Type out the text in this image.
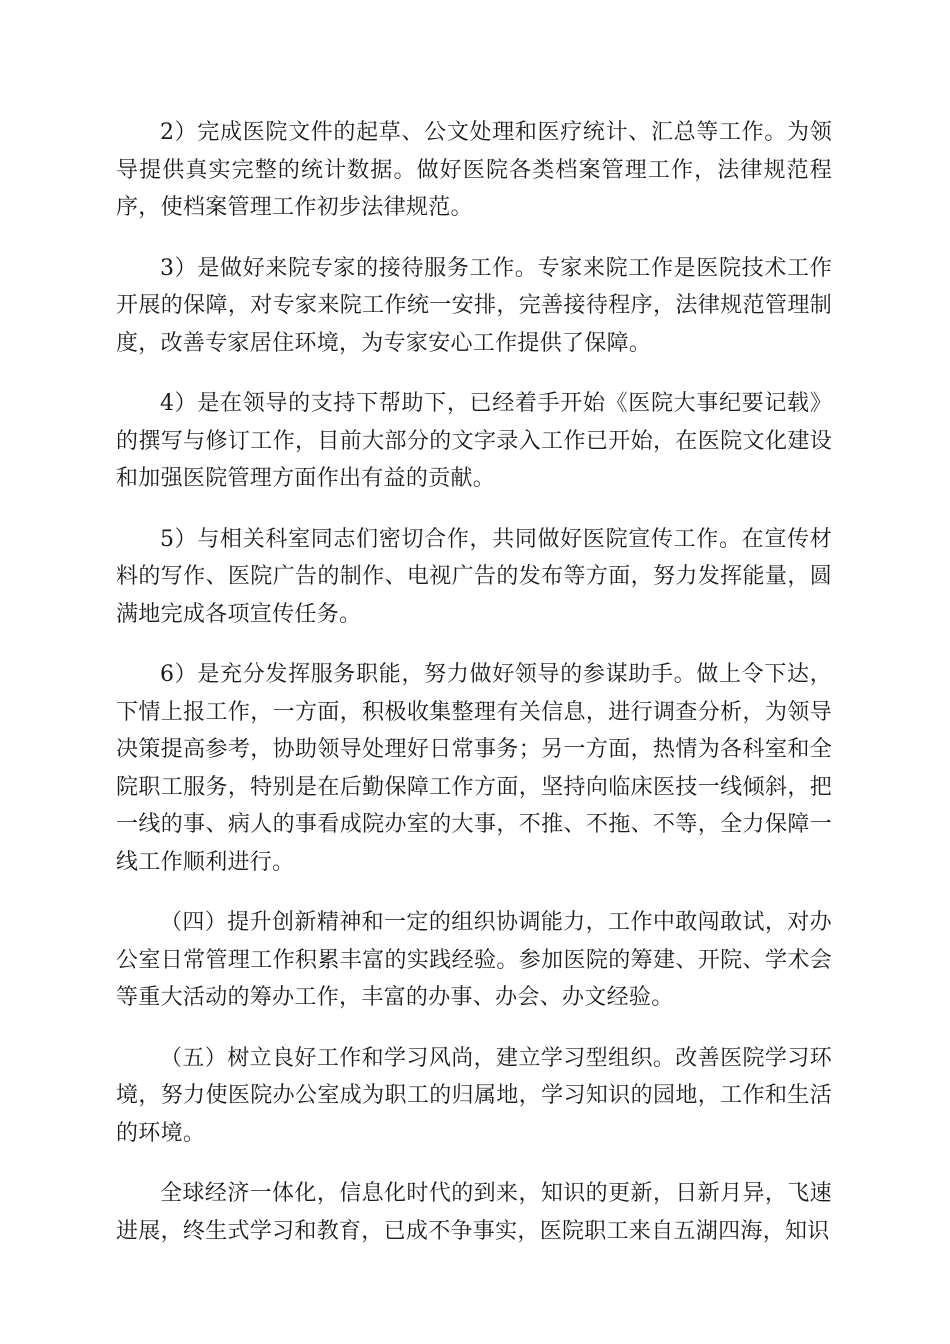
2）完成医院文件的起草、公文处理和医疗统计、汇总等工作。为领导提供真实完整的统计数据。做好医院各类档案管理工作，法律规范程序，使档案管理工作初步法律规范。

3）是做好来院专家的接待服务工作。专家来院工作是医院技术工作开展的保障，对专家来院工作统一安排，完善接待程序，法律规范管理制度，改善专家居住环境，为专家安心工作提供了保障。

4）是在领导的支持下帮助下，已经着手开始《医院大事纪要记载》的撰写与修订工作，目前大部分的文字录入工作已开始，在医院文化建设和加强医院管理方面作出有益的贡献。

5）与相关科室同志们密切合作，共同做好医院宣传工作。在宣传材料的写作、医院广告的制作、电视广告的发布等方面，努力发挥能量，圆满地完成各项宣传任务。

6）是充分发挥服务职能，努力做好领导的参谋助手。做上令下达，下情上报工作，一方面，积极收集整理有关信息，进行调查分析，为领导决策提高参考，协助领导处理好日常事务；另一方面，热情为各科室和全院职工服务，特别是在后勤保障工作方面，坚持向临床医技一线倾斜，把一线的事、病人的事看成院办室的大事，不推、不拖、不等，全力保障一线工作顺利进行。

（四）提升创新精神和一定的组织协调能力，工作中敢闯敢试，对办公室日常管理工作积累丰富的实践经验。参加医院的筹建、开院、学术会等重大活动的筹办工作，丰富的办事、办会、办文经验。

（五）树立良好工作和学习风尚，建立学习型组织。改善医院学习环境，努力使医院办公室成为职工的归属地，学习知识的园地，工作和生活的环境。

全球经济一体化，信息化时代的到来，知识的更新，日新月异，飞速进展，终生式学习和教育，已成不争事实，医院职工来自五湖四海，知识
